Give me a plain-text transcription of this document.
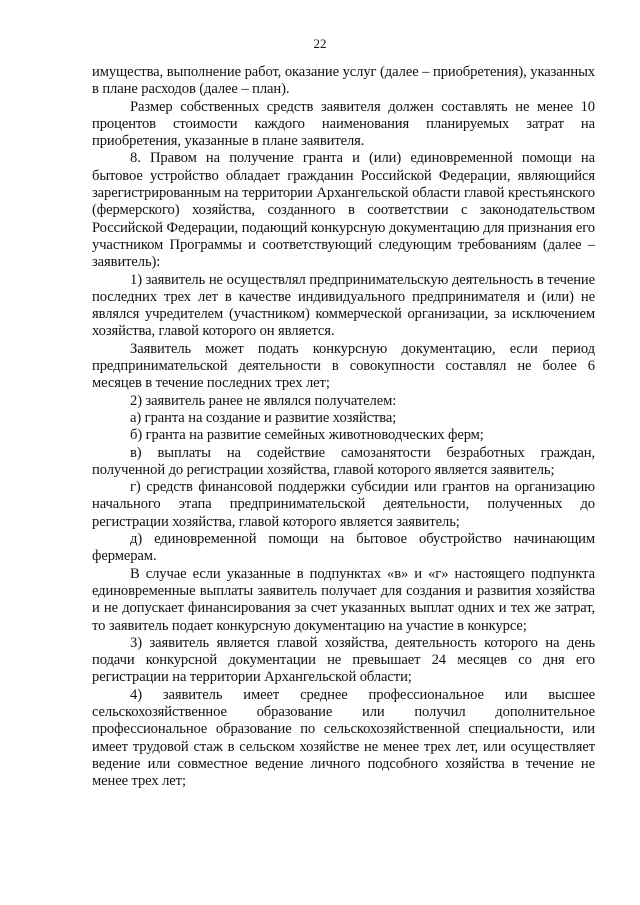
22

имущества, выполнение работ, оказание услуг (далее – приобретения), указанных в плане расходов (далее – план).

Размер собственных средств заявителя должен составлять не менее 10 процентов стоимости каждого наименования планируемых затрат на приобретения, указанные в плане заявителя.

8. Правом на получение гранта и (или) единовременной помощи на бытовое устройство обладает гражданин Российской Федерации, являющийся зарегистрированным на территории Архангельской области главой крестьянского (фермерского) хозяйства, созданного в соответствии с законодательством Российской Федерации, подающий конкурсную документацию для признания его участником Программы и соответствующий следующим требованиям (далее – заявитель):

1) заявитель не осуществлял предпринимательскую деятельность в течение последних трех лет в качестве индивидуального предпринимателя и (или) не являлся учредителем (участником) коммерческой организации, за исключением хозяйства, главой которого он является.

Заявитель может подать конкурсную документацию, если период предпринимательской деятельности в совокупности составлял не более 6 месяцев в течение последних трех лет;

2) заявитель ранее не являлся получателем:

а) гранта на создание и развитие хозяйства;

б) гранта на развитие семейных животноводческих ферм;

в) выплаты на содействие самозанятости безработных граждан, полученной до регистрации хозяйства, главой которого является заявитель;

г) средств финансовой поддержки субсидии или грантов на организацию начального этапа предпринимательской деятельности, полученных до регистрации хозяйства, главой которого является заявитель;

д) единовременной помощи на бытовое обустройство начинающим фермерам.

В случае если указанные в подпунктах «в» и «г» настоящего подпункта единовременные выплаты заявитель получает для создания и развития хозяйства и не допускает финансирования за счет указанных выплат одних и тех же затрат, то заявитель подает конкурсную документацию на участие в конкурсе;

3) заявитель является главой хозяйства, деятельность которого на день подачи конкурсной документации не превышает 24 месяцев со дня его регистрации на территории Архангельской области;

4) заявитель имеет среднее профессиональное или высшее сельскохозяйственное образование или получил дополнительное профессиональное образование по сельскохозяйственной специальности, или имеет трудовой стаж в сельском хозяйстве не менее трех лет, или осуществляет ведение или совместное ведение личного подсобного хозяйства в течение не менее трех лет;
